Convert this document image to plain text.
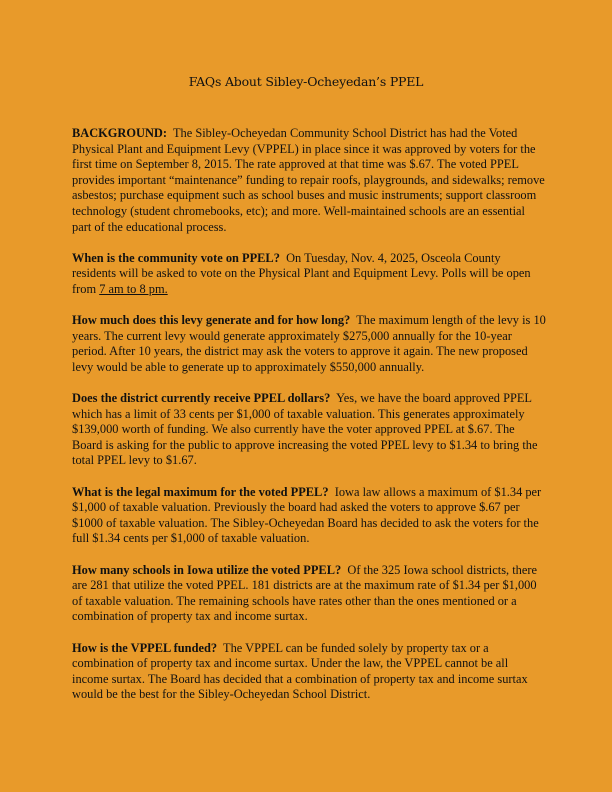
FAQs About Sibley-Ocheyedan’s PPEL

BACKGROUND: The Sibley-Ocheyedan Community School District has had the Voted Physical Plant and Equipment Levy (VPPEL) in place since it was approved by voters for the first time on September 8, 2015. The rate approved at that time was $.67. The voted PPEL provides important “maintenance” funding to repair roofs, playgrounds, and sidewalks; remove asbestos; purchase equipment such as school buses and music instruments; support classroom technology (student chromebooks, etc); and more. Well-maintained schools are an essential part of the educational process.

When is the community vote on PPEL? On Tuesday, Nov. 4, 2025, Osceola County residents will be asked to vote on the Physical Plant and Equipment Levy. Polls will be open from 7 am to 8 pm.

How much does this levy generate and for how long? The maximum length of the levy is 10 years. The current levy would generate approximately $275,000 annually for the 10-year period. After 10 years, the district may ask the voters to approve it again. The new proposed levy would be able to generate up to approximately $550,000 annually.

Does the district currently receive PPEL dollars? Yes, we have the board approved PPEL which has a limit of 33 cents per $1,000 of taxable valuation. This generates approximately $139,000 worth of funding. We also currently have the voter approved PPEL at $.67. The Board is asking for the public to approve increasing the voted PPEL levy to $1.34 to bring the total PPEL levy to $1.67.

What is the legal maximum for the voted PPEL? Iowa law allows a maximum of $1.34 per $1,000 of taxable valuation. Previously the board had asked the voters to approve $.67 per $1000 of taxable valuation. The Sibley-Ocheyedan Board has decided to ask the voters for the full $1.34 cents per $1,000 of taxable valuation.

How many schools in Iowa utilize the voted PPEL? Of the 325 Iowa school districts, there are 281 that utilize the voted PPEL. 181 districts are at the maximum rate of $1.34 per $1,000 of taxable valuation. The remaining schools have rates other than the ones mentioned or a combination of property tax and income surtax.

How is the VPPEL funded? The VPPEL can be funded solely by property tax or a combination of property tax and income surtax. Under the law, the VPPEL cannot be all income surtax. The Board has decided that a combination of property tax and income surtax would be the best for the Sibley-Ocheyedan School District.
